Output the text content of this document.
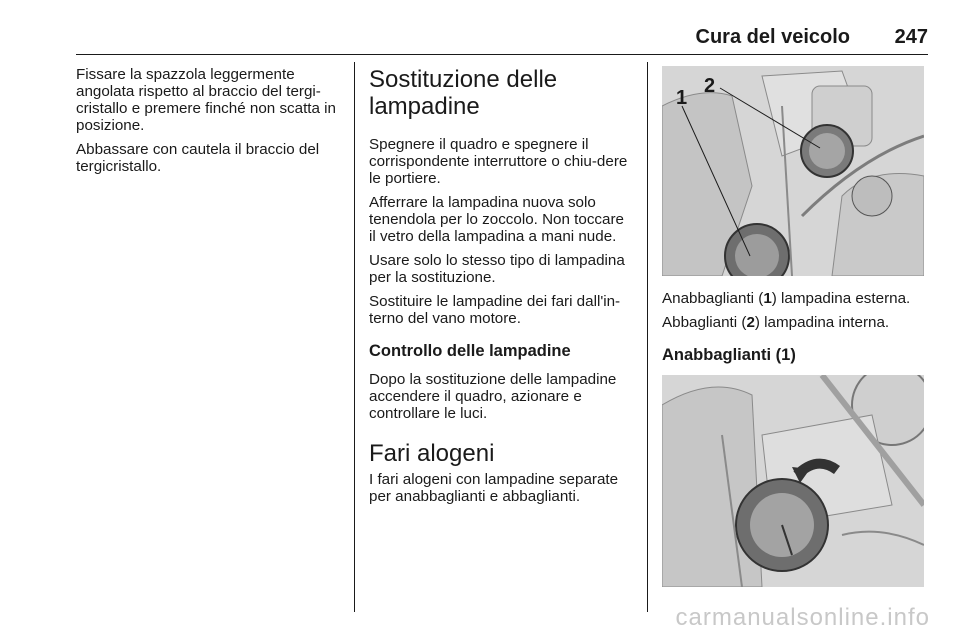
Cura del veicolo	247

Fissare la spazzola leggermente angolata rispetto al braccio del tergi-cristallo e premere finché non scatta in posizione.

Abbassare con cautela il braccio del tergicristallo.

Sostituzione delle lampadine

Spegnere il quadro e spegnere il corrispondente interruttore o chiu-dere le portiere.

Afferrare la lampadina nuova solo tenendola per lo zoccolo. Non toccare il vetro della lampadina a mani nude.

Usare solo lo stesso tipo di lampadina per la sostituzione.

Sostituire le lampadine dei fari dall'in-terno del vano motore.

Controllo delle lampadine

Dopo la sostituzione delle lampadine accendere il quadro, azionare e controllare le luci.

Fari alogeni

I fari alogeni con lampadine separate per anabbaglianti e abbaglianti.

1
2

Anabbaglianti (1) lampadina esterna.

Abbaglianti (2) lampadina interna.

Anabbaglianti (1)
carmanualsonline.info
